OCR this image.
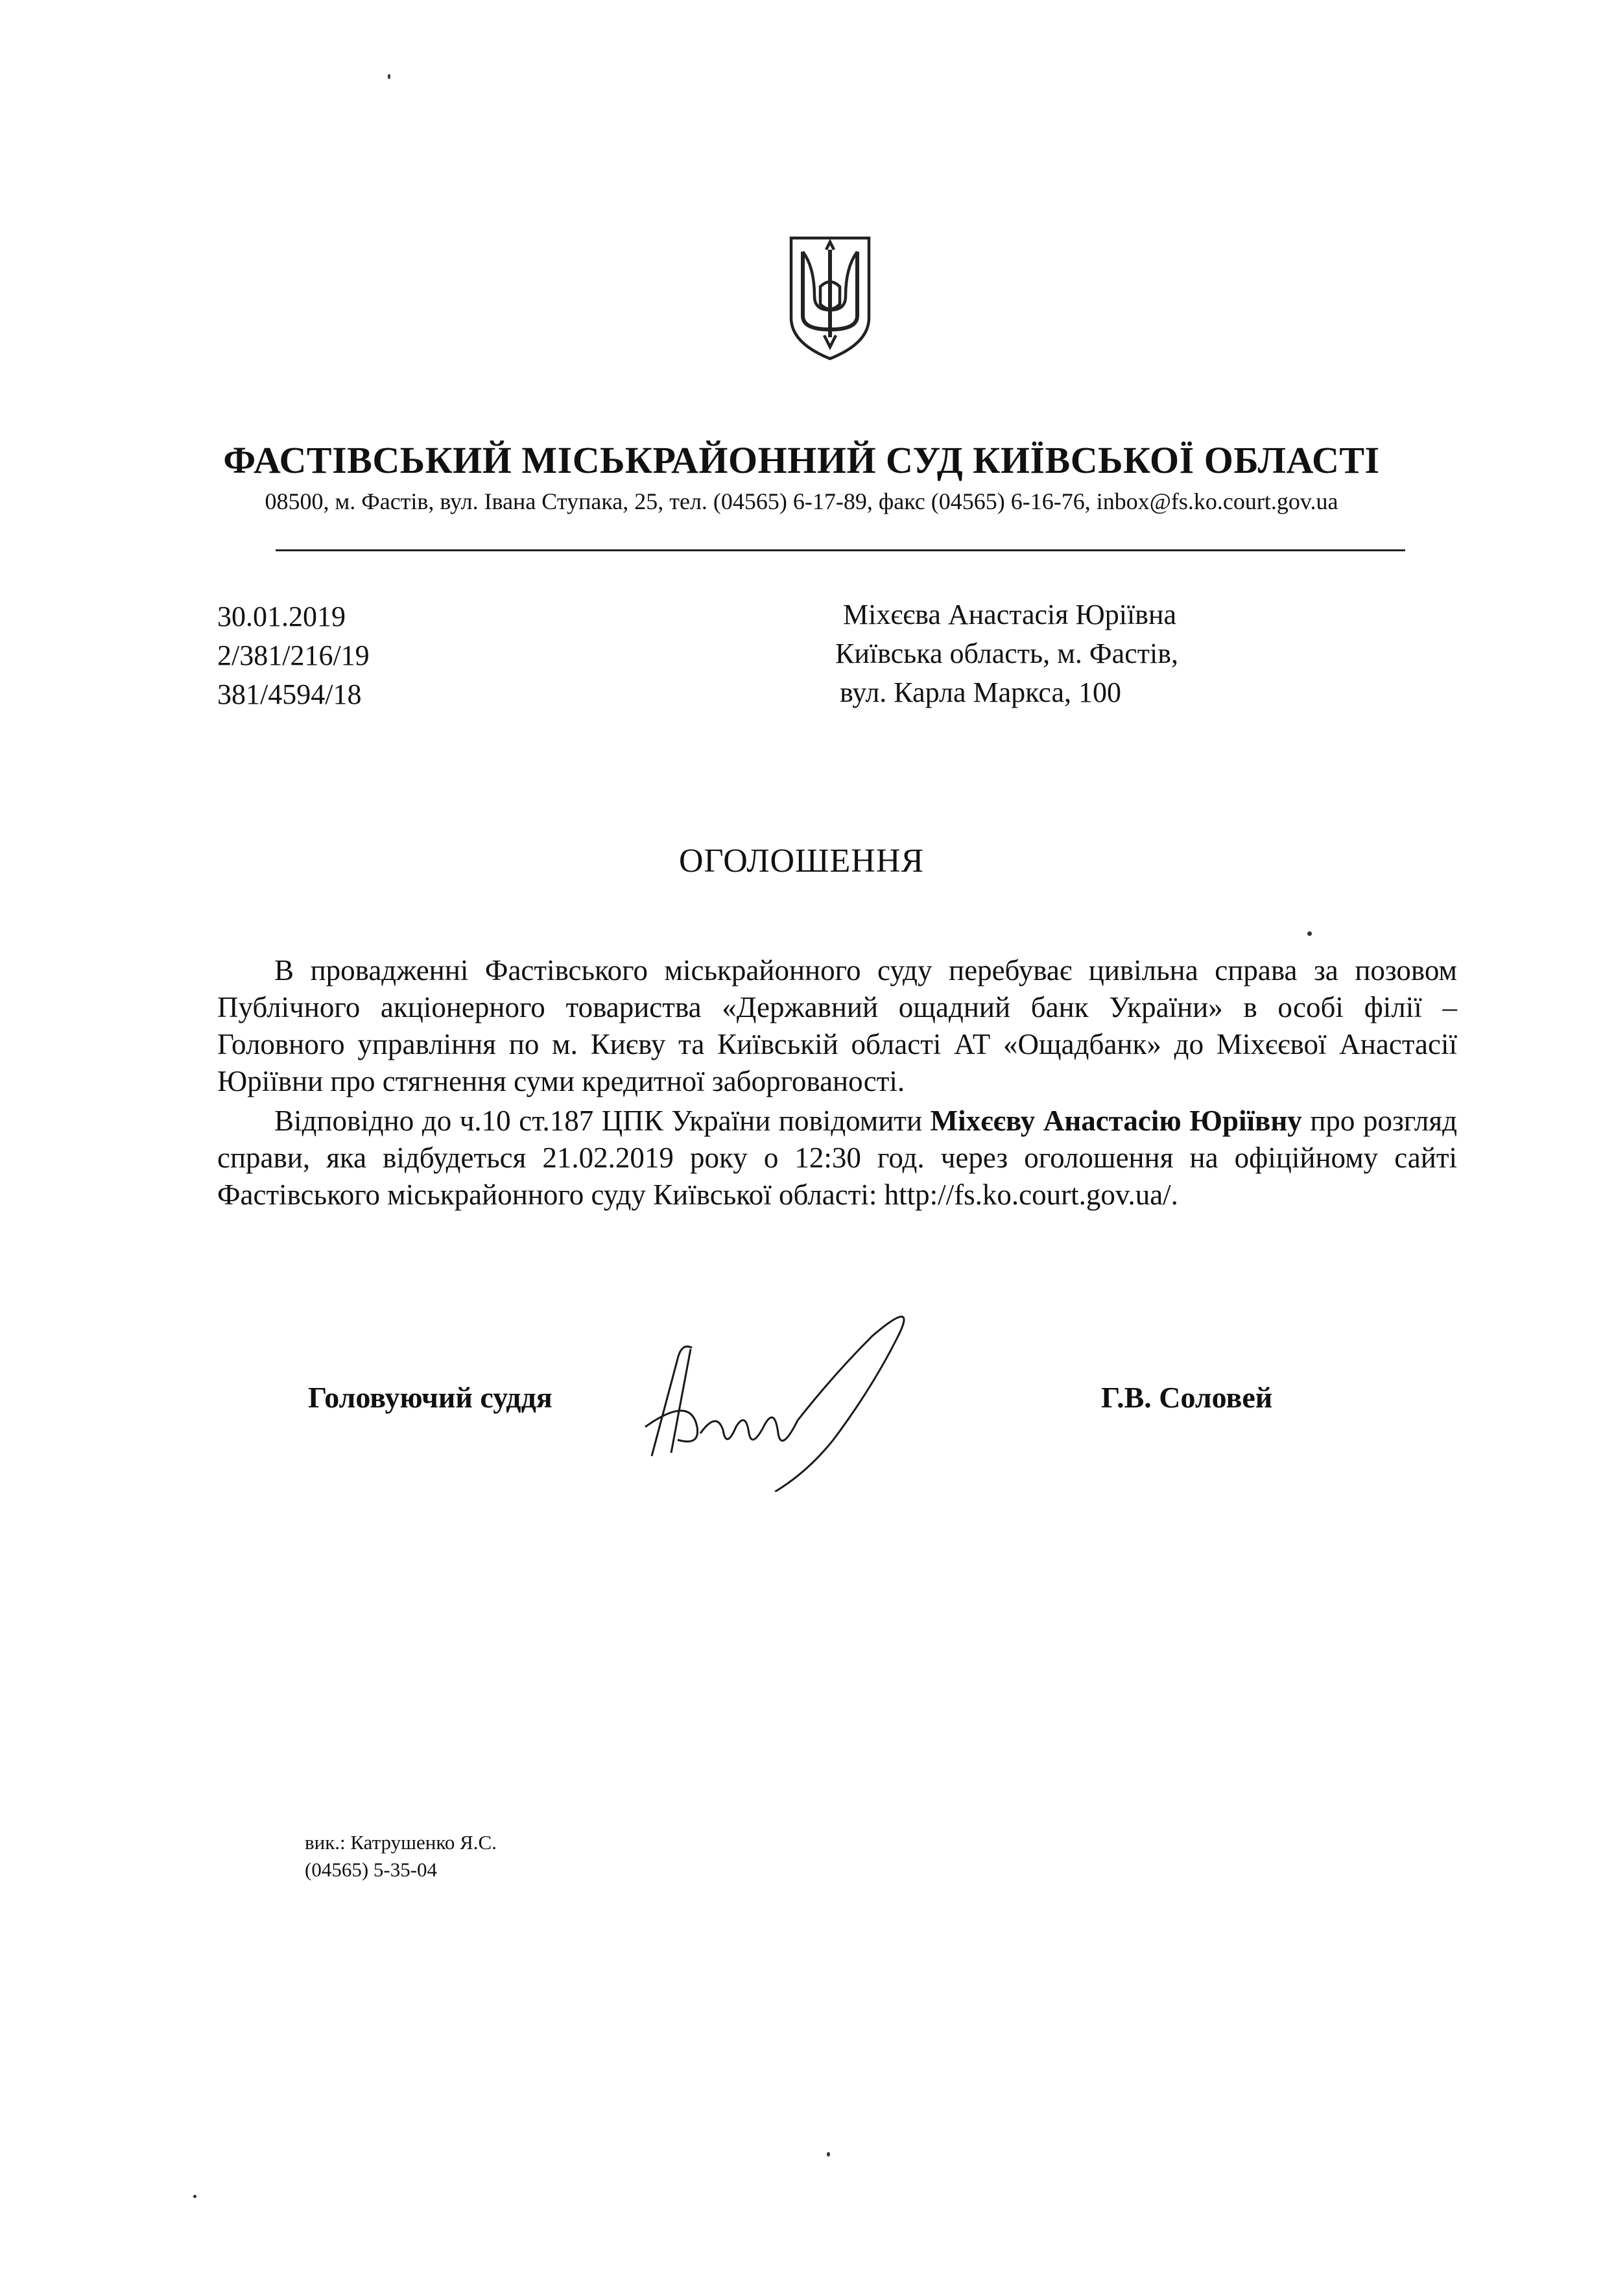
ФАСТІВСЬКИЙ МІСЬКРАЙОННИЙ СУД КИЇВСЬКОЇ ОБЛАСТІ
08500, м. Фастів, вул. Івана Ступака, 25, тел. (04565) 6-17-89, факс (04565) 6-16-76, inbox@fs.ko.court.gov.ua
30.01.2019
2/381/216/19
381/4594/18
Міхєєва Анастасія Юріївна
Київська область, м. Фастів,
вул. Карла Маркса, 100
ОГОЛОШЕННЯ
В провадженні Фастівського міськрайонного суду перебуває цивільна справа за позовом Публічного акціонерного товариства «Державний ощадний банк України» в особі філії – Головного управління по м. Києву та Київській області АТ «Ощадбанк» до Міхєєвої Анастасії Юріївни про стягнення суми кредитної заборгованості.
Відповідно до ч.10 ст.187 ЦПК України повідомити Міхєєву Анастасію Юріївну про розгляд справи, яка відбудеться 21.02.2019 року о 12:30 год. через оголошення на офіційному сайті Фастівського міськрайонного суду Київської області: http://fs.ko.court.gov.ua/.
Головуючий суддя	Г.В. Соловей
вик.: Катрушенко Я.С.
(04565) 5-35-04
